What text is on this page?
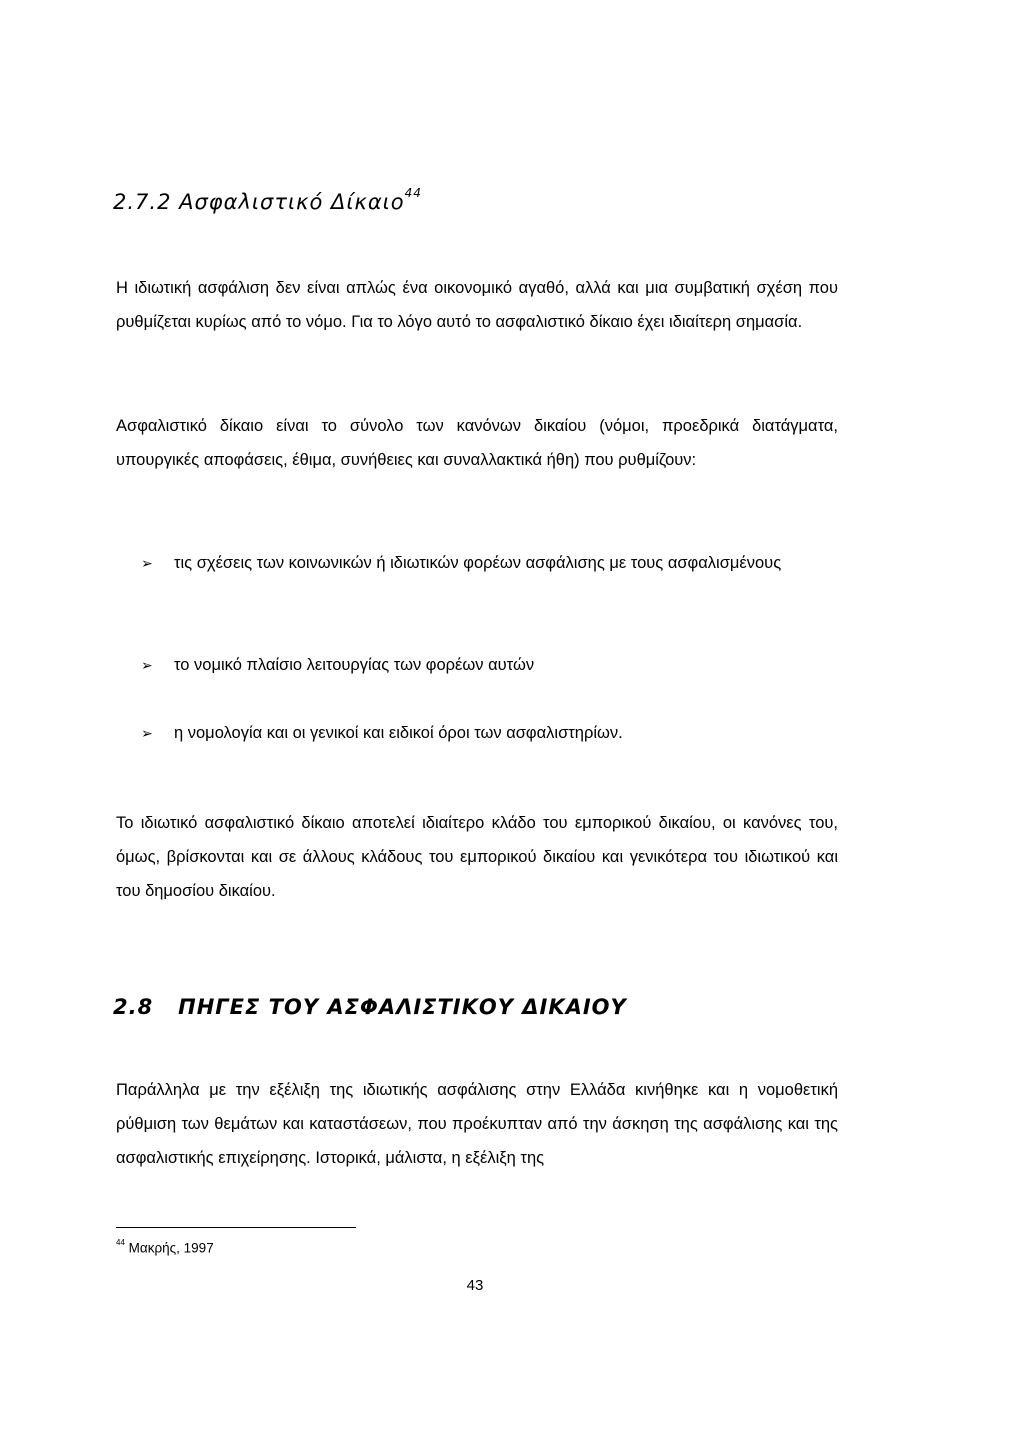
2.7.2 Ασφαλιστικό Δίκαιο$^{44}$

Η ιδιωτική ασφάλιση δεν είναι απλώς ένα οικονομικό αγαθό, αλλά και μια συμβατική σχέση που ρυθμίζεται κυρίως από το νόμο. Για το λόγο αυτό το ασφαλιστικό δίκαιο έχει ιδιαίτερη σημασία.

Ασφαλιστικό δίκαιο είναι το σύνολο των κανόνων δικαίου (νόμοι, προεδρικά διατάγματα, υπουργικές αποφάσεις, έθιμα, συνήθειες και συναλλακτικά ήθη) που ρυθμίζουν:

➢ τις σχέσεις των κοινωνικών ή ιδιωτικών φορέων ασφάλισης με τους ασφαλισμένους
➢ το νομικό πλαίσιο λειτουργίας των φορέων αυτών
➢ η νομολογία και οι γενικοί και ειδικοί όροι των ασφαλιστηρίων.

Το ιδιωτικό ασφαλιστικό δίκαιο αποτελεί ιδιαίτερο κλάδο του εμπορικού δικαίου, οι κανόνες του, όμως, βρίσκονται και σε άλλους κλάδους του εμπορικού δικαίου και γενικότερα του ιδιωτικού και του δημοσίου δικαίου.

2.8 ΠΗΓΕΣ ΤΟΥ ΑΣΦΑΛΙΣΤΙΚΟΥ ΔΙΚΑΙΟΥ

Παράλληλα με την εξέλιξη της ιδιωτικής ασφάλισης στην Ελλάδα κινήθηκε και η νομοθετική ρύθμιση των θεμάτων και καταστάσεων, που προέκυπταν από την άσκηση της ασφάλισης και της ασφαλιστικής επιχείρησης. Ιστορικά, μάλιστα, η εξέλιξη της

$^{44}$ Μακρής, 1997
43
